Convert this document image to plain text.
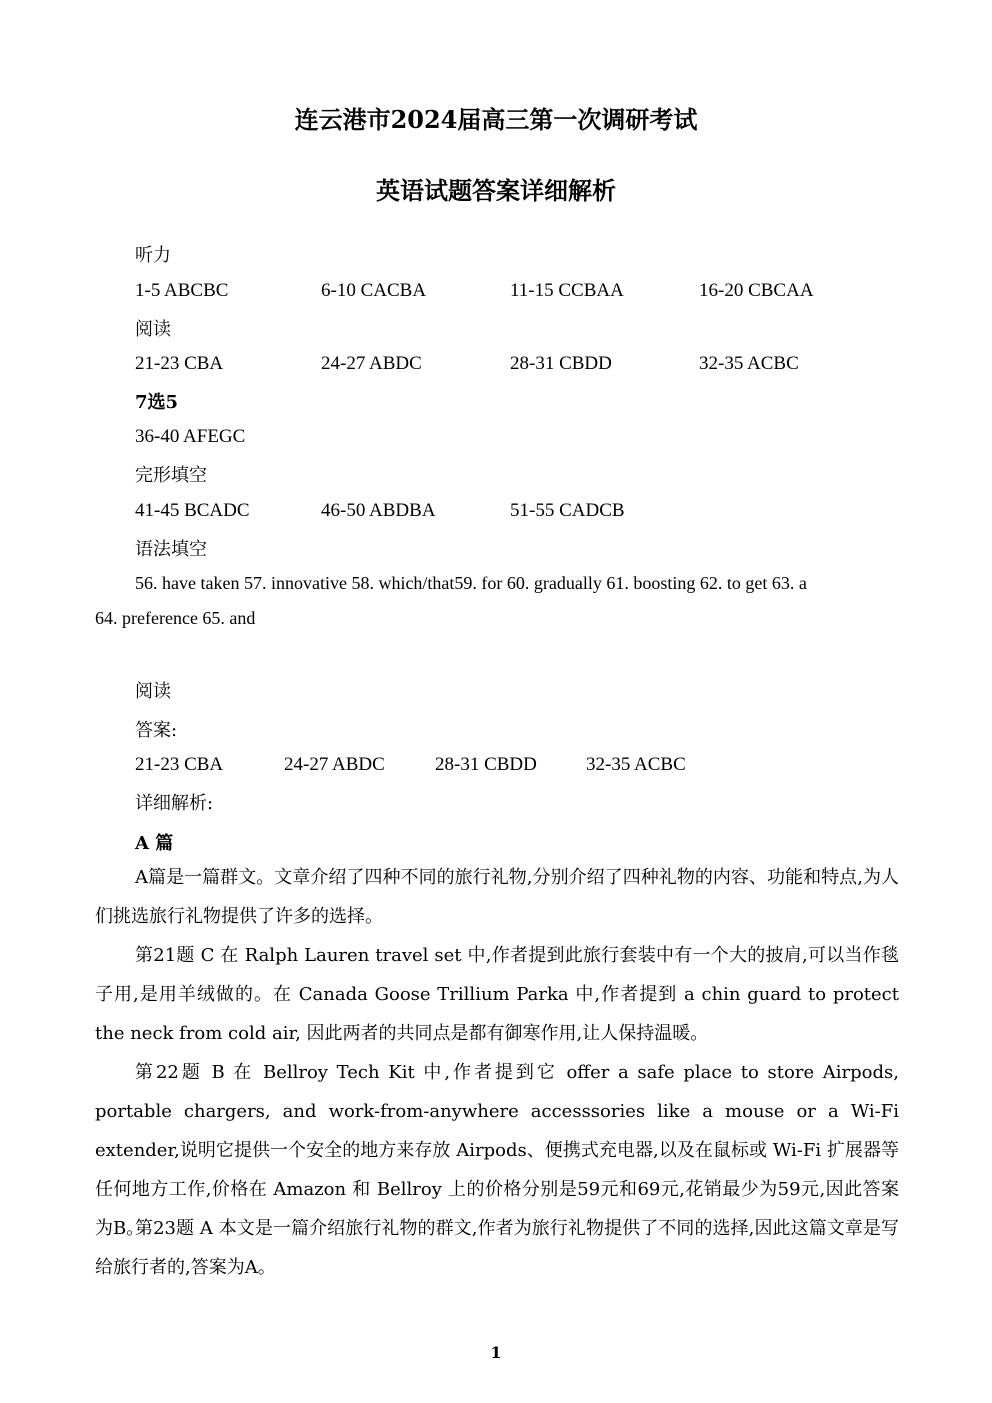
连云港市2024届高三第一次调研考试
英语试题答案详细解析
听力
1-5 ABCBC	6-10 CACBA	11-15 CCBAA	16-20 CBCAA
阅读
21-23 CBA	24-27 ABDC	28-31 CBDD	32-35 ACBC
7选5
36-40 AFEGC
完形填空
41-45 BCADC	46-50 ABDBA	51-55 CADCB
语法填空
56. have taken 57. innovative 58. which/that59. for 60. gradually 61. boosting 62. to get 63. a
64. preference 65. and
阅读
答案:
21-23 CBA	24-27 ABDC	28-31 CBDD	32-35 ACBC
详细解析:
A 篇
A篇是一篇群文。文章介绍了四种不同的旅行礼物,分别介绍了四种礼物的内容、功能和特点,为人们挑选旅行礼物提供了许多的选择。
第21题 C 在 Ralph Lauren travel set 中,作者提到此旅行套装中有一个大的披肩,可以当作毯子用,是用羊绒做的。在 Canada Goose Trillium Parka 中,作者提到 a chin guard to protect the neck from cold air, 因此两者的共同点是都有御寒作用,让人保持温暖。
第22题 B 在 Bellroy Tech Kit 中,作者提到它 offer a safe place to store Airpods, portable chargers, and work-from-anywhere accesssories like a mouse or a Wi-Fi extender,说明它提供一个安全的地方来存放 Airpods、便携式充电器,以及在鼠标或 Wi-Fi 扩展器等任何地方工作,价格在 Amazon 和 Bellroy 上的价格分别是59元和69元,花销最少为59元,因此答案为B。
第23题 A 本文是一篇介绍旅行礼物的群文,作者为旅行礼物提供了不同的选择,因此这篇文章是写给旅行者的,答案为A。
1
